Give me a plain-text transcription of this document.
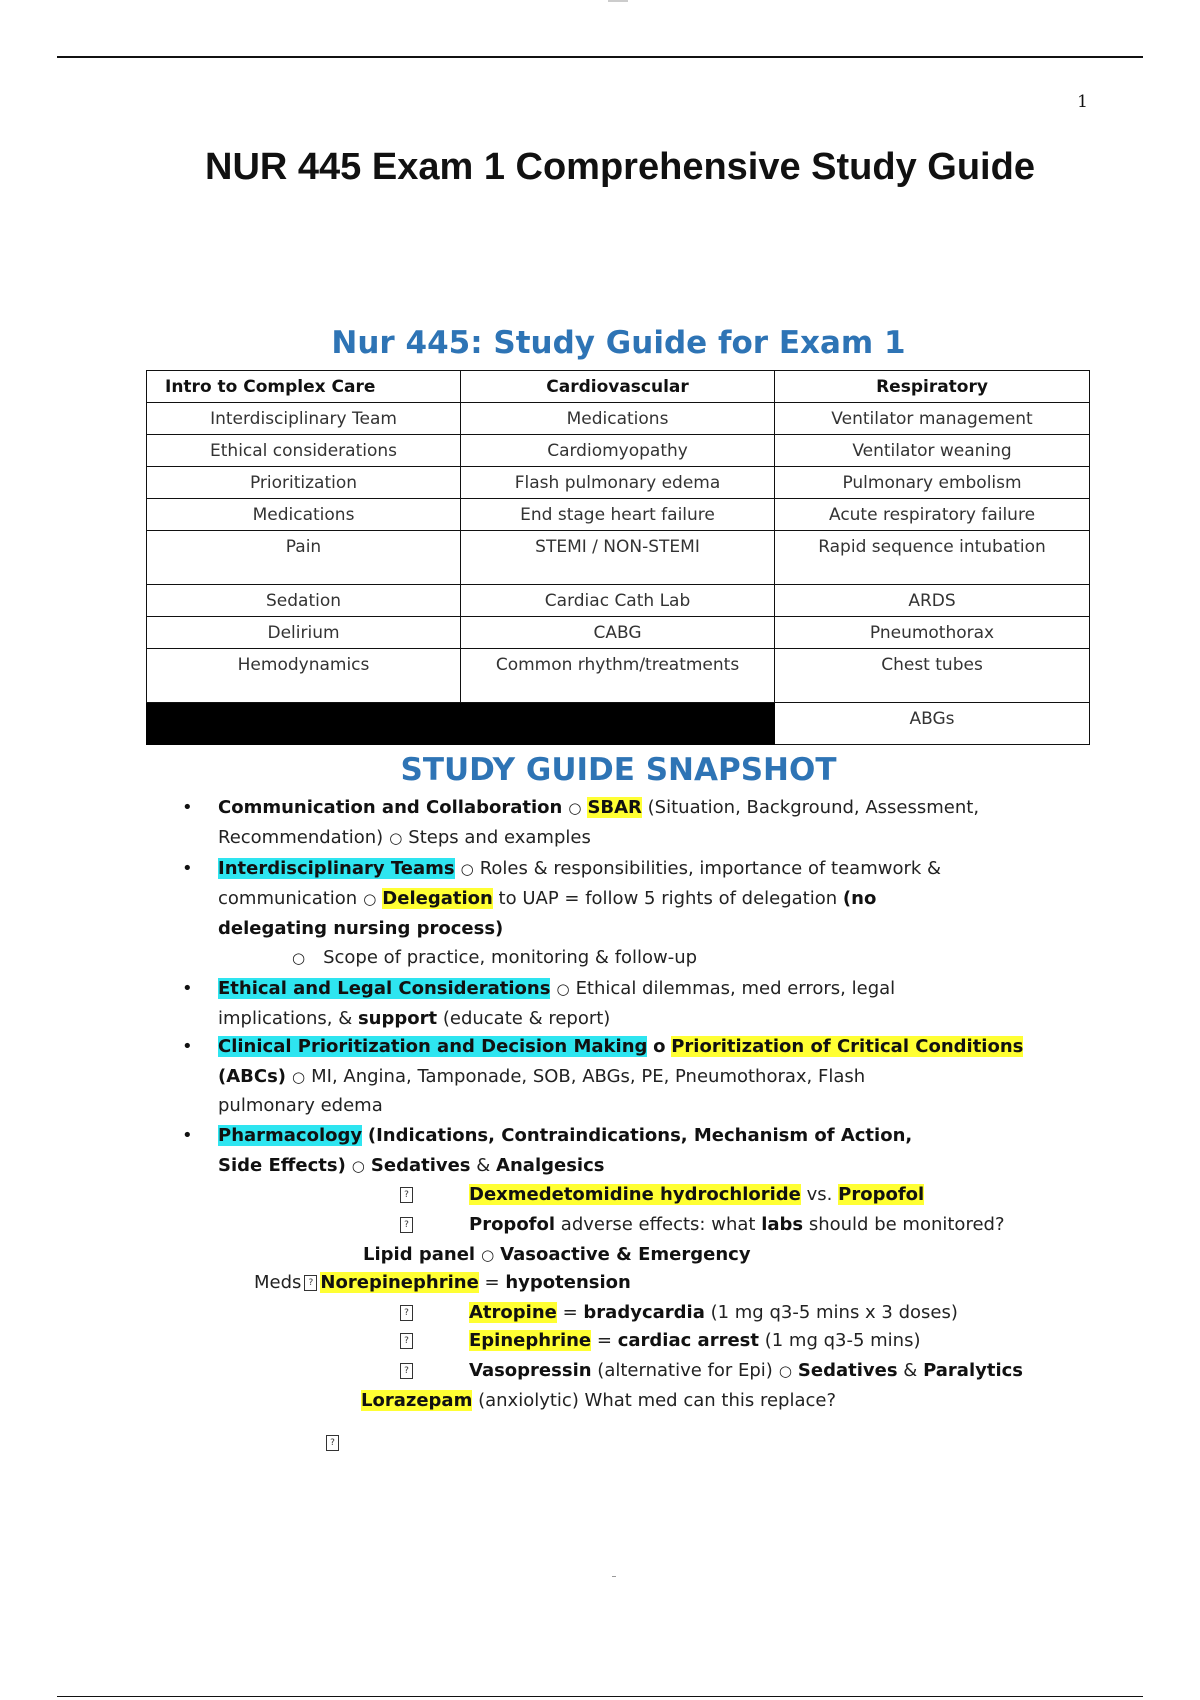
1
NUR 445 Exam 1 Comprehensive Study Guide
Nur 445: Study Guide for Exam 1
Intro to Complex Care	Cardiovascular	Respiratory
Interdisciplinary Team	Medications	Ventilator management
Ethical considerations	Cardiomyopathy	Ventilator weaning
Prioritization	Flash pulmonary edema	Pulmonary embolism
Medications	End stage heart failure	Acute respiratory failure
Pain	STEMI / NON-STEMI	Rapid sequence intubation
Sedation	Cardiac Cath Lab	ARDS
Delirium	CABG	Pneumothorax
Hemodynamics	Common rhythm/treatments	Chest tubes
		ABGs
STUDY GUIDE SNAPSHOT
•
•
•
•
•
Communication and Collaboration ○ SBAR (Situation, Background, Assessment,
Recommendation) ○ Steps and examples
Interdisciplinary Teams ○ Roles & responsibilities, importance of teamwork &
communication ○ Delegation to UAP = follow 5 rights of delegation (no
delegating nursing process)
○ Scope of practice, monitoring & follow-up
Ethical and Legal Considerations ○ Ethical dilemmas, med errors, legal
implications, & support (educate & report)
Clinical Prioritization and Decision Making o Prioritization of Critical Conditions
(ABCs) ○ MI, Angina, Tamponade, SOB, ABGs, PE, Pneumothorax, Flash
pulmonary edema
Pharmacology (Indications, Contraindications, Mechanism of Action,
Side Effects) ○ Sedatives & Analgesics
?	Dexmedetomidine hydrochloride vs. Propofol
?	Propofol adverse effects: what labs should be monitored?
Lipid panel ○ Vasoactive & Emergency
Meds ? Norepinephrine = hypotension
?	Atropine = bradycardia (1 mg q3-5 mins x 3 doses)
?	Epinephrine = cardiac arrest (1 mg q3-5 mins)
?	Vasopressin (alternative for Epi) ○ Sedatives & Paralytics
Lorazepam (anxiolytic) What med can this replace?
?
